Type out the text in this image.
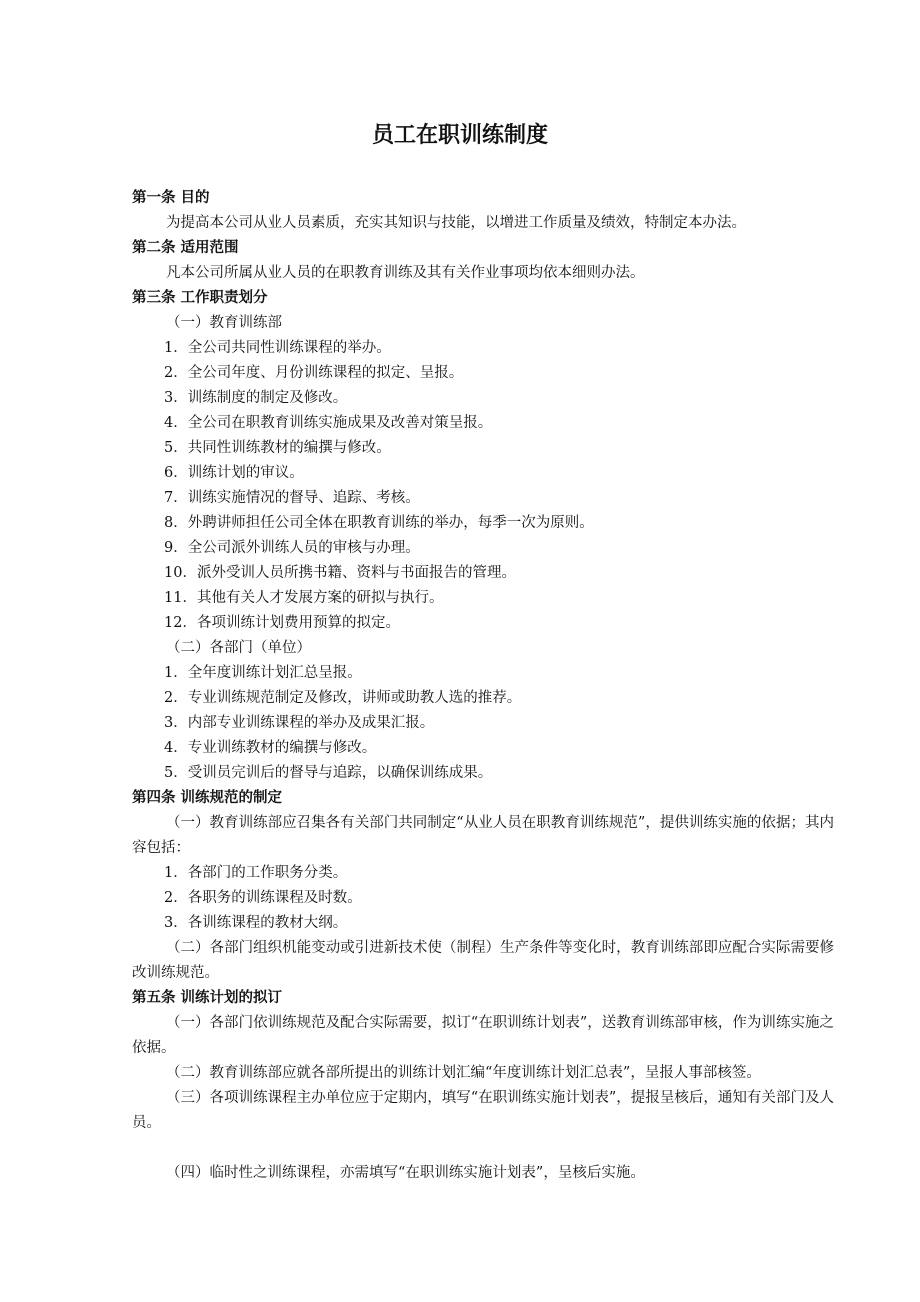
员工在职训练制度
第一条 目的
为提高本公司从业人员素质，充实其知识与技能，以增进工作质量及绩效，特制定本办法。
第二条 适用范围
凡本公司所属从业人员的在职教育训练及其有关作业事项均依本细则办法。
第三条 工作职责划分
（一）教育训练部
1．全公司共同性训练课程的举办。
2．全公司年度、月份训练课程的拟定、呈报。
3．训练制度的制定及修改。
4．全公司在职教育训练实施成果及改善对策呈报。
5．共同性训练教材的编撰与修改。
6．训练计划的审议。
7．训练实施情况的督导、追踪、考核。
8．外聘讲师担任公司全体在职教育训练的举办，每季一次为原则。
9．全公司派外训练人员的审核与办理。
10．派外受训人员所携书籍、资料与书面报告的管理。
11．其他有关人才发展方案的研拟与执行。
12．各项训练计划费用预算的拟定。
（二）各部门（单位）
1．全年度训练计划汇总呈报。
2．专业训练规范制定及修改，讲师或助教人选的推荐。
3．内部专业训练课程的举办及成果汇报。
4．专业训练教材的编撰与修改。
5．受训员完训后的督导与追踪，以确保训练成果。
第四条 训练规范的制定
（一）教育训练部应召集各有关部门共同制定“从业人员在职教育训练规范”，提供训练实施的依据；其内容包括：
1．各部门的工作职务分类。
2．各职务的训练课程及时数。
3．各训练课程的教材大纲。
（二）各部门组织机能变动或引进新技术使（制程）生产条件等变化时，教育训练部即应配合实际需要修改训练规范。
第五条 训练计划的拟订
（一）各部门依训练规范及配合实际需要，拟订“在职训练计划表”，送教育训练部审核，作为训练实施之依据。
（二）教育训练部应就各部所提出的训练计划汇编“年度训练计划汇总表”，呈报人事部核签。
（三）各项训练课程主办单位应于定期内，填写“在职训练实施计划表”，提报呈核后，通知有关部门及人员。
（四）临时性之训练课程，亦需填写“在职训练实施计划表”，呈核后实施。
